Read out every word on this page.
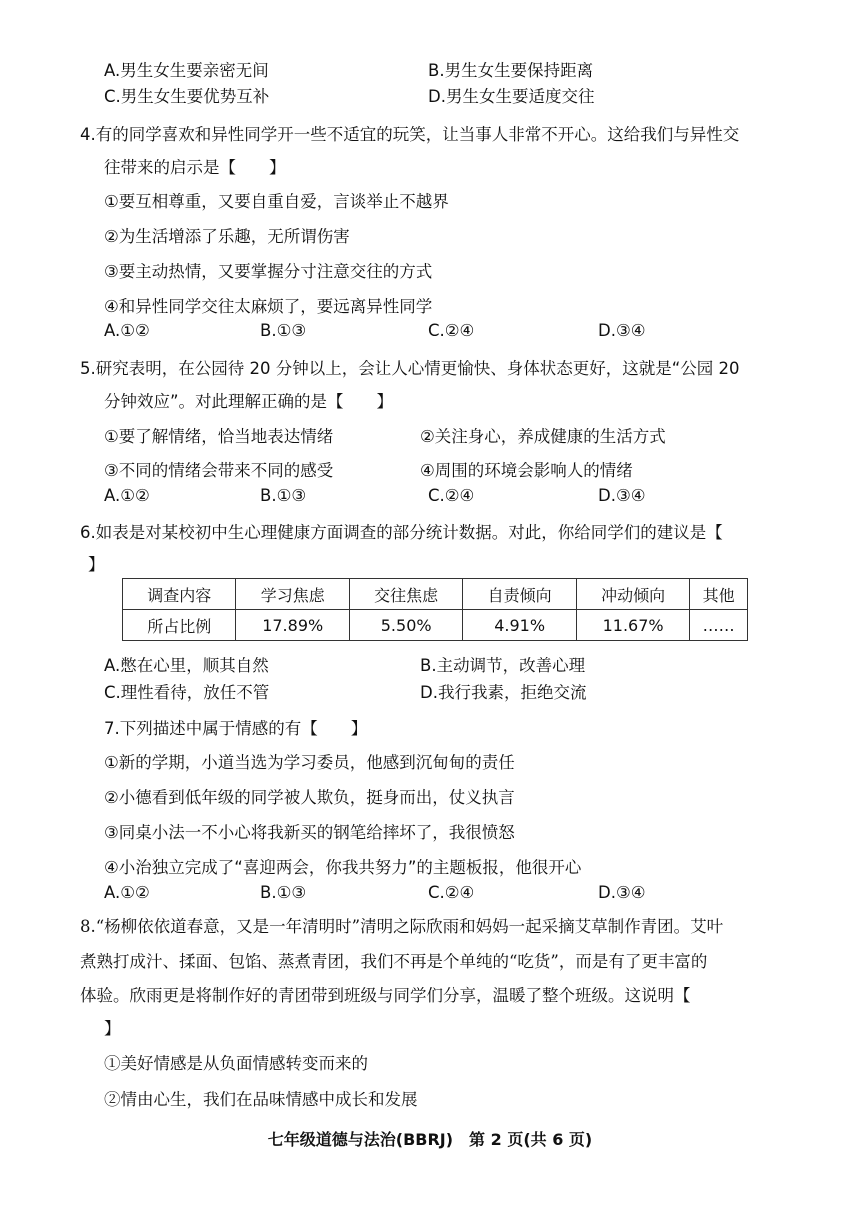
A.男生女生要亲密无间	B.男生女生要保持距离
C.男生女生要优势互补	D.男生女生要适度交往
4.有的同学喜欢和异性同学开一些不适宜的玩笑，让当事人非常不开心。这给我们与异性交
往带来的启示是【　　】
①要互相尊重，又要自重自爱，言谈举止不越界
②为生活增添了乐趣，无所谓伤害
③要主动热情，又要掌握分寸注意交往的方式
④和异性同学交往太麻烦了，要远离异性同学
A.①②	B.①③	C.②④	D.③④
5.研究表明，在公园待 20 分钟以上，会让人心情更愉快、身体状态更好，这就是“公园 20
分钟效应”。对此理解正确的是【　　】
①要了解情绪，恰当地表达情绪	②关注身心，养成健康的生活方式
③不同的情绪会带来不同的感受	④周围的环境会影响人的情绪
A.①②	B.①③	C.②④	D.③④
6.如表是对某校初中生心理健康方面调查的部分统计数据。对此，你给同学们的建议是【
】
调查内容	学习焦虑	交往焦虑	自责倾向	冲动倾向	其他
所占比例	17.89%	5.50%	4.91%	11.67%	……
A.憋在心里，顺其自然	B.主动调节，改善心理
C.理性看待，放任不管	D.我行我素，拒绝交流
7.下列描述中属于情感的有【　　】
①新的学期，小道当选为学习委员，他感到沉甸甸的责任
②小德看到低年级的同学被人欺负，挺身而出，仗义执言
③同桌小法一不小心将我新买的钢笔给摔坏了，我很愤怒
④小治独立完成了“喜迎两会，你我共努力”的主题板报，他很开心
A.①②	B.①③	C.②④	D.③④
8.“杨柳依依道春意，又是一年清明时”清明之际欣雨和妈妈一起采摘艾草制作青团。艾叶
煮熟打成汁、揉面、包馅、蒸煮青团，我们不再是个单纯的“吃货”，而是有了更丰富的
体验。欣雨更是将制作好的青团带到班级与同学们分享，温暖了整个班级。这说明【
】
①美好情感是从负面情感转变而来的
②情由心生，我们在品味情感中成长和发展
七年级道德与法治(BBRJ)　第 2 页(共 6 页)
